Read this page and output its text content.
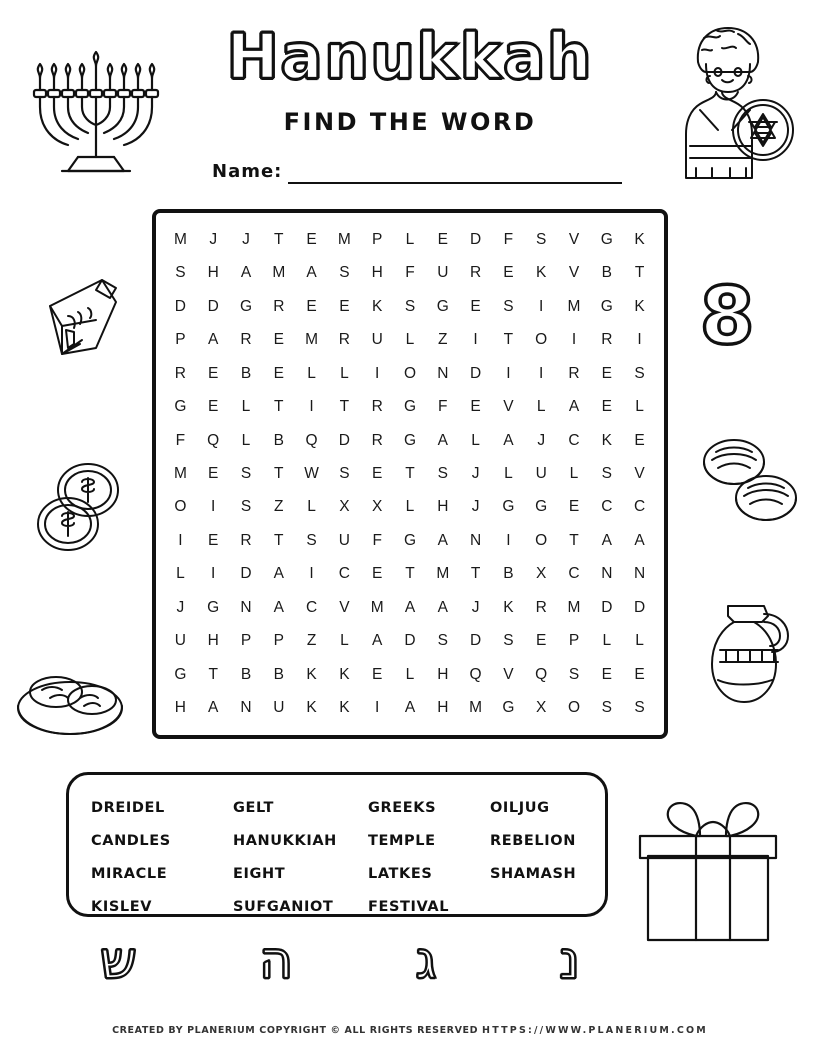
8
Hanukkah
FIND THE WORD
Name:
M	J	J	T	E	M	P	L	E	D	F	S	V	G	K
S	H	A	M	A	S	H	F	U	R	E	K	V	B	T
D	D	G	R	E	E	K	S	G	E	S	I	M	G	K
P	A	R	E	M	R	U	L	Z	I	T	O	I	R	I
R	E	B	E	L	L	I	O	N	D	I	I	R	E	S
G	E	L	T	I	T	R	G	F	E	V	L	A	E	L
F	Q	L	B	Q	D	R	G	A	L	A	J	C	K	E
M	E	S	T	W	S	E	T	S	J	L	U	L	S	V
O	I	S	Z	L	X	X	L	H	J	G	G	E	C	C
I	E	R	T	S	U	F	G	A	N	I	O	T	A	A
L	I	D	A	I	C	E	T	M	T	B	X	C	N	N
J	G	N	A	C	V	M	A	A	J	K	R	M	D	D
U	H	P	P	Z	L	A	D	S	D	S	E	P	L	L
G	T	B	B	K	K	E	L	H	Q	V	Q	S	E	E
H	A	N	U	K	K	I	A	H	M	G	X	O	S	S
DREIDEL	GELT	GREEKS	OILJUG
CANDLES	HANUKKIAH	TEMPLE	REBELION
MIRACLE	EIGHT	LATKES	SHAMASH
KISLEV	SUFGANIOT	FESTIVAL
ש ה ג נ
CREATED BY PLANERIUM COPYRIGHT © ALL RIGHTS RESERVED HTTPS://WWW.PLANERIUM.COM
